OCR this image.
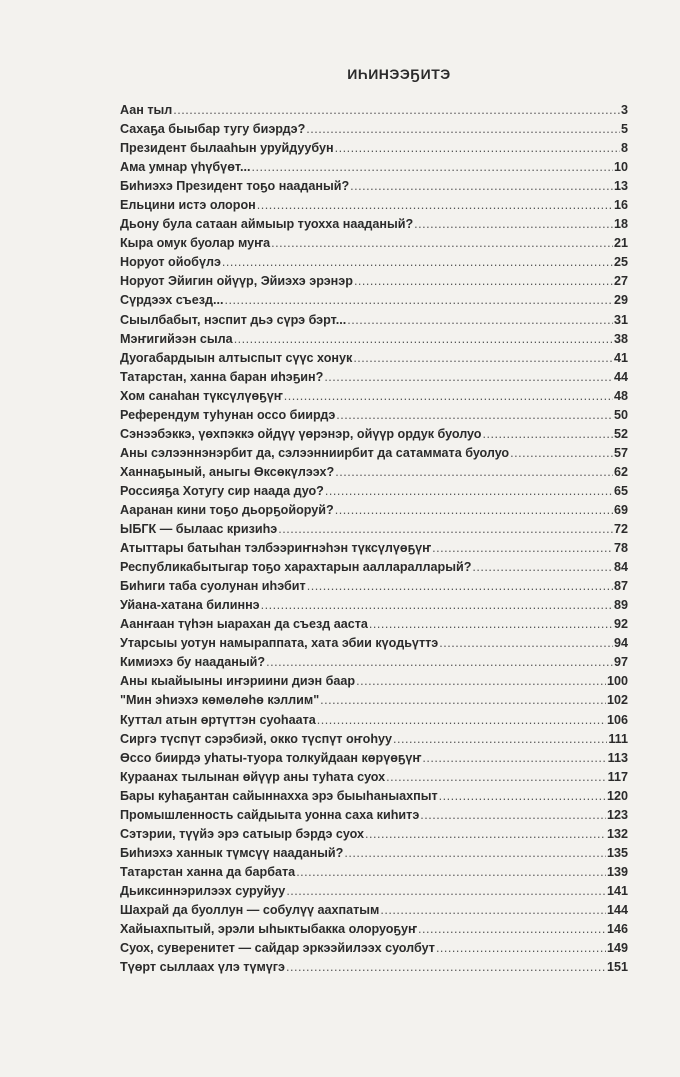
ИҺИНЭЭҔИТЭ
Аан тыл .....	3
Сахаҕа быыбар тугу биэрдэ? .....	5
Президент былааһын уруйдуубун .....	8
Ама умнар үһүбүөт... .....	10
Биһиэхэ Президент тоҕо нааданый? .....	13
Ельцини истэ олорон .....	16
Дьону була сатаан аймыыр туохха нааданый? .....	18
Кыра омук буолар муҥа .....	21
Норуот ойобүлэ .....	25
Норуот Эйигин ойүүр, Эйиэхэ эрэнэр .....	27
Сүрдээх съезд... .....	29
Сыылбабыт, нэспит дьэ сүрэ бэрт... .....	31
Мэҥигийээн сыла .....	38
Дуогабардыын алтыспыт сүүс хонук .....	41
Татарстан, ханна баран иһэҕин? .....	44
Хом санаһан түксүлүөҕүҥ .....	48
Референдум туһунан оссо биирдэ .....	50
Сэнээбэккэ, үөхпэккэ ойдүү үөрэнэр, ойүүр ордук буолуо .....	52
Аны сэлээннэнэрбит да, сэлээнниирбит да сатаммата буолуо .....	57
Ханнаҕыный, аныгы Өксөкүлээх? .....	62
Россияҕа Хотугу сир наада дуо? .....	65
Ааранан кини тоҕо дьорҕойоруй? .....	69
ЫБГК — былаас кризиһэ .....	72
Атыттары батыһан тэлбээриҥнэһэн түксүлүөҕүҥ .....	78
Республикабытыгар тоҕо харахтарын аалларалларый? .....	84
Биһиги таба суолунан иһэбит .....	87
Уйана-хатана билиннэ .....	89
Аанҥаан түһэн ыарахан да съезд ааста .....	92
Утарсыы уотун намыраппата, хата эбии күодьүттэ .....	94
Кимиэхэ бу нааданый? .....	97
Аны кыайыыны иҥэриини диэн баар .....	100
"Мин эһиэхэ көмөлөһө кэллим" .....	102
Куттал атын өртүттэн суоһаата .....	106
Сиргэ түспүт сэрэбиэй, окко түспүт оҥоһуу .....	111
Өссо биирдэ уһаты-туора толкуйдаан көрүөҕүҥ .....	113
Кураанах тылынан өйүүр аны туһата суох .....	117
Бары куһаҕантан сайыннахха эрэ быыһаныахпыт .....	120
Промышленность сайдыыта уонна саха киһитэ .....	123
Сэтэрии, түүйэ эрэ сатыыр бэрдэ суох .....	132
Биһиэхэ ханнык түмсүү нааданый? .....	135
Татарстан ханна да барбата .....	139
Дьиксиннэрилээх суруйуу .....	141
Шахрай да буоллун — собулүү аахпатым .....	144
Хайыахпытый, эрэли ыһыктыбакка олоруоҕуҥ .....	146
Суох, суверенитет — сайдар эркээйилээх суолбут .....	149
Түөрт сыллаах үлэ түмүгэ .....	151
